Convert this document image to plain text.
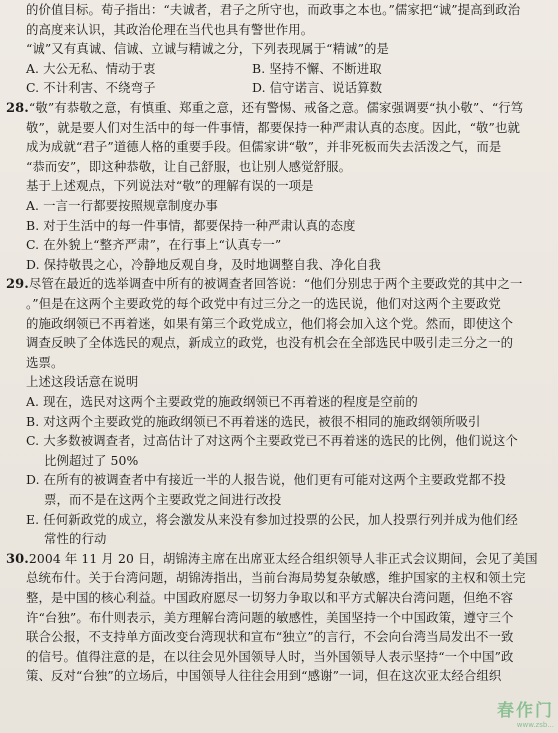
的价值目标。荀子指出：“夫诚者，君子之所守也，而政事之本也。”儒家把“诚”提高到政治
的高度来认识，其政治伦理在当代也具有警世作用。
“诚”又有真诚、信诚、立诚与精诚之分，下列表现属于“精诚”的是
A. 大公无私、情动于衷	B. 坚持不懈、不断进取
C. 不计利害、不绕弯子	D. 信守诺言、说话算数
28.“敬”有恭敬之意，有慎重、郑重之意，还有警惕、戒备之意。儒家强调要“执小敬”、“行笃
敬”，就是要人们对生活中的每一件事情，都要保持一种严肃认真的态度。因此，“敬”也就
成为成就“君子”道德人格的重要手段。但儒家讲“敬”，并非死板而失去活泼之气，而是
“恭而安”，即这种恭敬，让自己舒服，也让别人感觉舒服。
基于上述观点，下列说法对“敬”的理解有误的一项是
A. 一言一行都要按照规章制度办事
B. 对于生活中的每一件事情，都要保持一种严肃认真的态度
C. 在外貌上“整齐严肃”，在行事上“认真专一”
D. 保持敬畏之心，冷静地反观自身，及时地调整自我、净化自我
29.尽管在最近的选举调查中所有的被调查者回答说：“他们分别忠于两个主要政党的其中之一
。”但是在这两个主要政党的每个政党中有过三分之一的选民说，他们对这两个主要政党
的施政纲领已不再着迷，如果有第三个政党成立，他们将会加入这个党。然而，即使这个
调查反映了全体选民的观点，新成立的政党，也没有机会在全部选民中吸引走三分之一的
选票。
上述这段话意在说明
A. 现在，选民对这两个主要政党的施政纲领已不再着迷的程度是空前的
B. 对这两个主要政党的施政纲领已不再着迷的选民，被很不相同的施政纲领所吸引
C. 大多数被调查者，过高估计了对这两个主要政党已不再着迷的选民的比例，他们说这个
比例超过了 50%
D. 在所有的被调查者中有接近一半的人报告说，他们更有可能对这两个主要政党都不投
票，而不是在这两个主要政党之间进行改投
E. 任何新政党的成立，将会激发从来没有参加过投票的公民，加人投票行列并成为他们经
常性的行动
30.2004 年 11 月 20 日，胡锦涛主席在出席亚太经合组织领导人非正式会议期间，会见了美国
总统布什。关于台湾问题，胡锦涛指出，当前台海局势复杂敏感，维护国家的主权和领土完
整，是中国的核心利益。中国政府愿尽一切努力争取以和平方式解决台湾问题，但绝不容
许“台独”。布什则表示，美方理解台湾问题的敏感性，美国坚持一个中国政策，遵守三个
联合公报，不支持单方面改变台湾现状和宣布“独立”的言行，不会向台湾当局发出不一致
的信号。值得注意的是，在以往会见外国领导人时，当外国领导人表示坚持“一个中国”政
策、反对“台独”的立场后，中国领导人往往会用到“感谢”一词，但在这次亚太经合组织
春作门
www.zsb...
